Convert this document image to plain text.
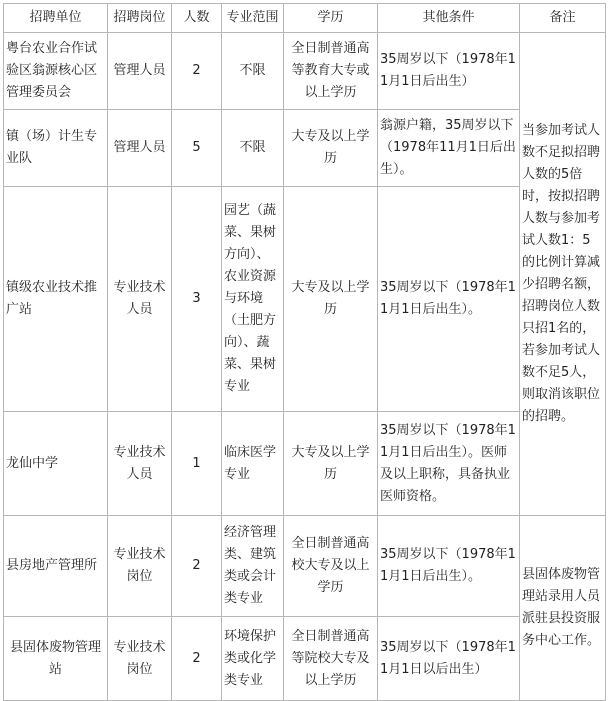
招聘单位	招聘岗位	人数	专业范围	学历	其他条件	备注
粤台农业合作试验区翁源核心区管理委员会	管理人员	2	不限	全日制普通高等教育大专或以上学历	35周岁以下（1978年11月1日后出生）	当参加考试人数不足拟招聘人数的5倍时，按拟招聘人数与参加考试人数1：5的比例计算减少招聘名额，招聘岗位人数只招1名的，若参加考试人数不足5人，则取消该职位的招聘。
镇（场）计生专业队	管理人员	5	不限	大专及以上学历	翁源户籍，35周岁以下（1978年11月1日后出生）。	
镇级农业技术推广站	专业技术人员	3	园艺（蔬菜、果树方向）、农业资源与环境（土肥方向）、蔬菜、果树专业	大专及以上学历	35周岁以下（1978年11月1日后出生）。	
龙仙中学	专业技术人员	1	临床医学专业	大专及以上学历	35周岁以下（1978年11月1日后出生）。医师及以上职称，具备执业医师资格。	
县房地产管理所	专业技术岗位	2	经济管理类、建筑类或会计类专业	全日制普通高校大专及以上学历	35周岁以下（1978年11月1日后出生）。	县固体废物管理站录用人员派驻县投资服务中心工作。
县固体废物管理站	专业技术岗位	2	环境保护类或化学类专业	全日制普通高等院校大专及以上学历	35周岁以下（1978年11月1日以后出生）	
